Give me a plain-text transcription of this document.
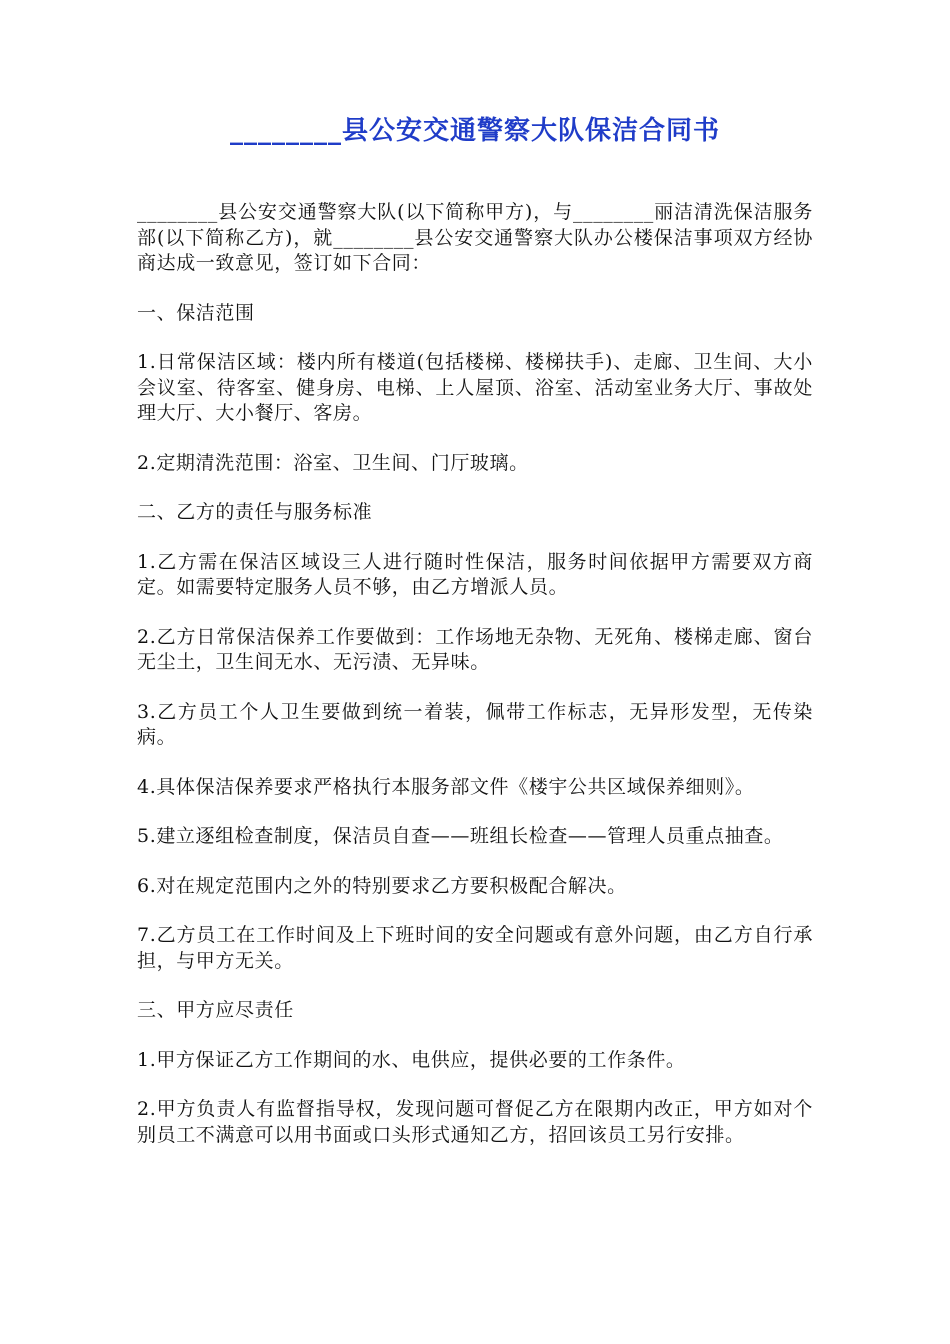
________县公安交通警察大队保洁合同书

________县公安交通警察大队(以下简称甲方)，与________丽洁清洗保洁服务部(以下简称乙方)，就________县公安交通警察大队办公楼保洁事项双方经协商达成一致意见，签订如下合同：

一、保洁范围

1.日常保洁区域：楼内所有楼道(包括楼梯、楼梯扶手)、走廊、卫生间、大小会议室、待客室、健身房、电梯、上人屋顶、浴室、活动室业务大厅、事故处理大厅、大小餐厅、客房。

2.定期清洗范围：浴室、卫生间、门厅玻璃。

二、乙方的责任与服务标准

1.乙方需在保洁区域设三人进行随时性保洁，服务时间依据甲方需要双方商定。如需要特定服务人员不够，由乙方增派人员。

2.乙方日常保洁保养工作要做到：工作场地无杂物、无死角、楼梯走廊、窗台无尘土，卫生间无水、无污渍、无异味。

3.乙方员工个人卫生要做到统一着装，佩带工作标志，无异形发型，无传染病。

4.具体保洁保养要求严格执行本服务部文件《楼宇公共区域保养细则》。

5.建立逐组检查制度，保洁员自查——班组长检查——管理人员重点抽查。

6.对在规定范围内之外的特别要求乙方要积极配合解决。

7.乙方员工在工作时间及上下班时间的安全问题或有意外问题，由乙方自行承担，与甲方无关。

三、甲方应尽责任

1.甲方保证乙方工作期间的水、电供应，提供必要的工作条件。

2.甲方负责人有监督指导权，发现问题可督促乙方在限期内改正，甲方如对个别员工不满意可以用书面或口头形式通知乙方，招回该员工另行安排。
